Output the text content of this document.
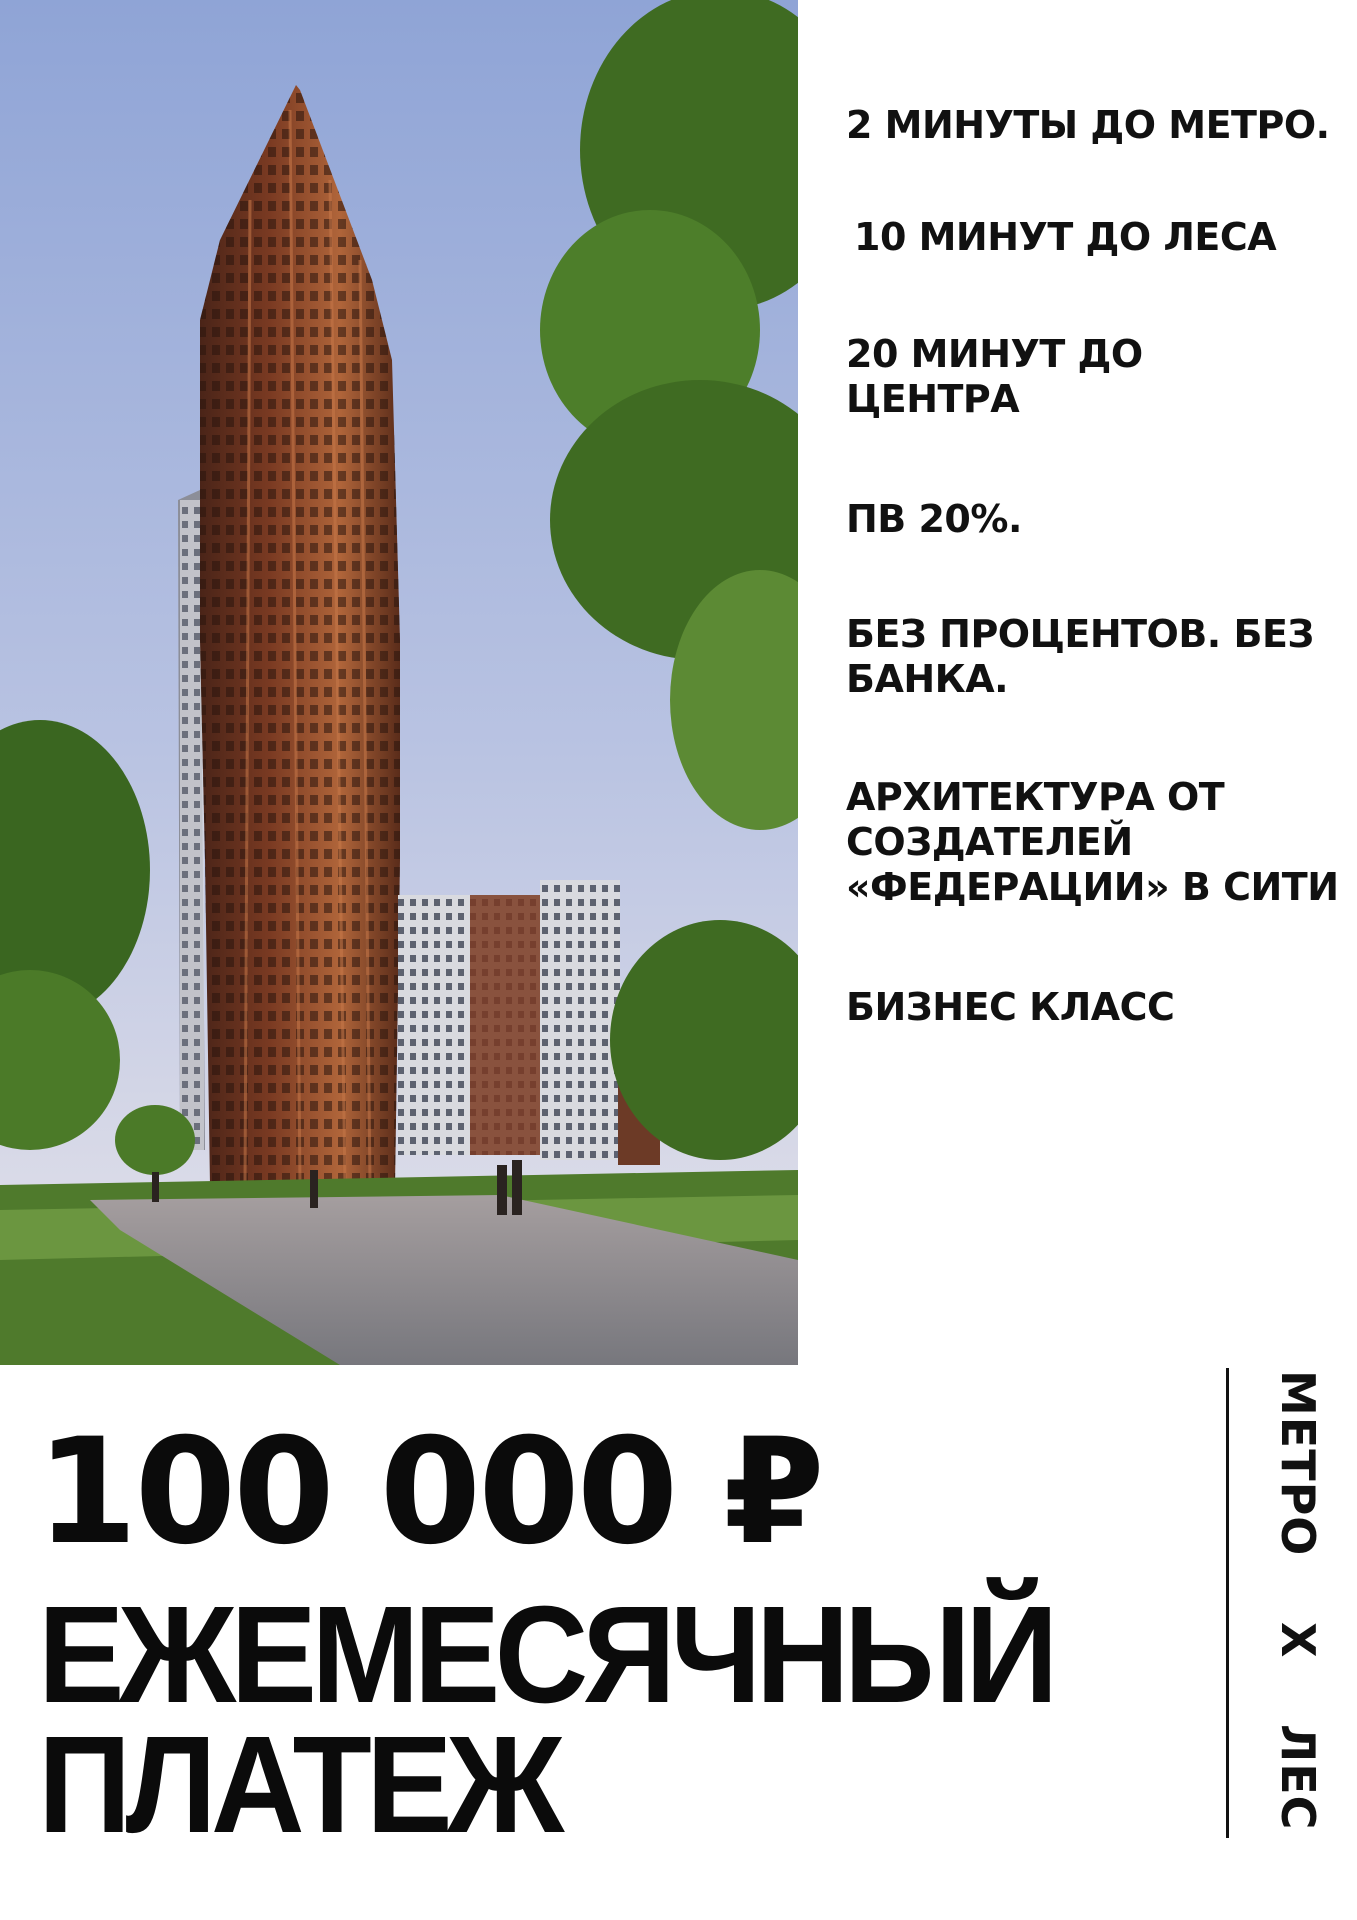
2 МИНУТЫ ДО МЕТРО.
10 МИНУТ ДО ЛЕСА
20 МИНУТ ДО
ЦЕНТРА
ПВ 20%.
БЕЗ ПРОЦЕНТОВ. БЕЗ
БАНКА.
АРХИТЕКТУРА ОТ
СОЗДАТЕЛЕЙ
«ФЕДЕРАЦИИ» В СИТИ
БИЗНЕС КЛАСС
100 000 ₽
ЕЖЕМЕСЯЧНЫЙ
ПЛАТЕЖ
МЕТРО
X
ЛЕС
